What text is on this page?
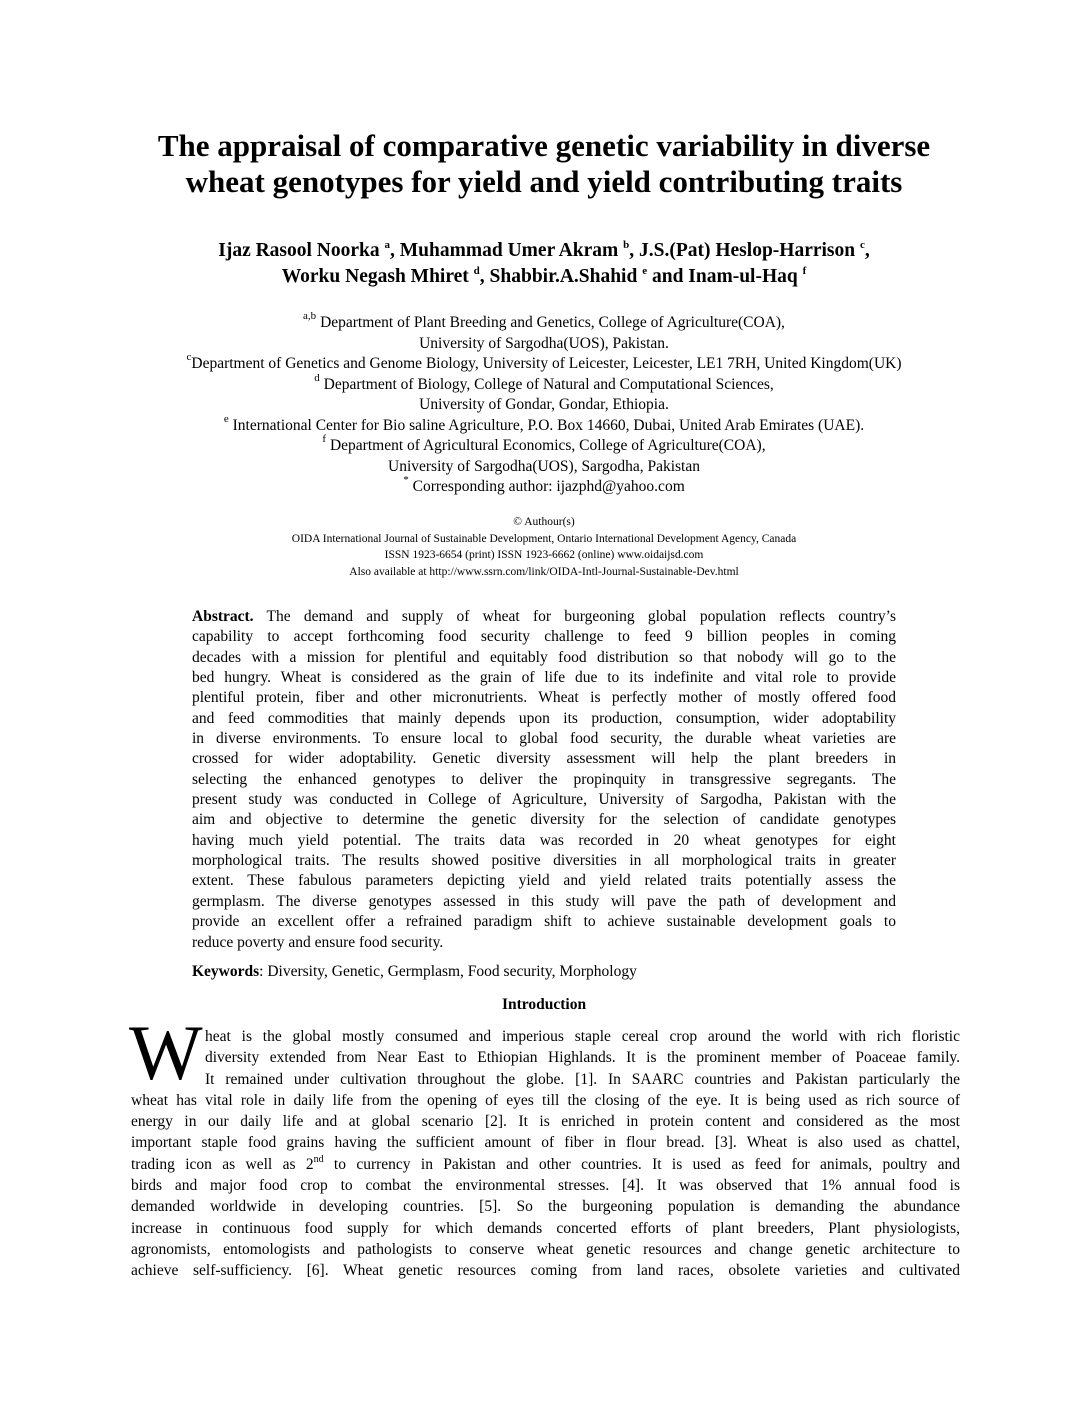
The appraisal of comparative genetic variability in diverse
wheat genotypes for yield and yield contributing traits
Ijaz Rasool Noorka $^a$, Muhammad Umer Akram $^b$, J.S.(Pat) Heslop-Harrison $^c$,
Worku Negash Mhiret $^d$, Shabbir.A.Shahid $^e$ and Inam-ul-Haq $^f$
$^{a,b}$ Department of Plant Breeding and Genetics, College of Agriculture(COA),
University of Sargodha(UOS), Pakistan.
$^c$Department of Genetics and Genome Biology, University of Leicester, Leicester, LE1 7RH, United Kingdom(UK)
$^d$ Department of Biology, College of Natural and Computational Sciences,
University of Gondar, Gondar, Ethiopia.
$^e$ International Center for Bio saline Agriculture, P.O. Box 14660, Dubai, United Arab Emirates (UAE).
$^f$ Department of Agricultural Economics, College of Agriculture(COA),
University of Sargodha(UOS), Sargodha, Pakistan
* Corresponding author: ijazphd@yahoo.com
© Authour(s)
OIDA International Journal of Sustainable Development, Ontario International Development Agency, Canada
ISSN 1923-6654 (print) ISSN 1923-6662 (online) www.oidaijsd.com
Also available at http://www.ssrn.com/link/OIDA-Intl-Journal-Sustainable-Dev.html
Abstract. The demand and supply of wheat for burgeoning global population reflects country’s
capability to accept forthcoming food security challenge to feed 9 billion peoples in coming
decades with a mission for plentiful and equitably food distribution so that nobody will go to the
bed hungry. Wheat is considered as the grain of life due to its indefinite and vital role to provide
plentiful protein, fiber and other micronutrients. Wheat is perfectly mother of mostly offered food
and feed commodities that mainly depends upon its production, consumption, wider adoptability
in diverse environments. To ensure local to global food security, the durable wheat varieties are
crossed for wider adoptability. Genetic diversity assessment will help the plant breeders in
selecting the enhanced genotypes to deliver the propinquity in transgressive segregants. The
present study was conducted in College of Agriculture, University of Sargodha, Pakistan with the
aim and objective to determine the genetic diversity for the selection of candidate genotypes
having much yield potential. The traits data was recorded in 20 wheat genotypes for eight
morphological traits. The results showed positive diversities in all morphological traits in greater
extent. These fabulous parameters depicting yield and yield related traits potentially assess the
germplasm. The diverse genotypes assessed in this study will pave the path of development and
provide an excellent offer a refrained paradigm shift to achieve sustainable development goals to
reduce poverty and ensure food security.
Keywords: Diversity, Genetic, Germplasm, Food security, Morphology
Introduction
W heat is the global mostly consumed and imperious staple cereal crop around the world with rich floristic
diversity extended from Near East to Ethiopian Highlands. It is the prominent member of Poaceae family.
It remained under cultivation throughout the globe. [1]. In SAARC countries and Pakistan particularly the
wheat has vital role in daily life from the opening of eyes till the closing of the eye. It is being used as rich source of
energy in our daily life and at global scenario [2]. It is enriched in protein content and considered as the most
important staple food grains having the sufficient amount of fiber in flour bread. [3]. Wheat is also used as chattel,
trading icon as well as 2nd to currency in Pakistan and other countries. It is used as feed for animals, poultry and
birds and major food crop to combat the environmental stresses. [4]. It was observed that 1% annual food is
demanded worldwide in developing countries. [5]. So the burgeoning population is demanding the abundance
increase in continuous food supply for which demands concerted efforts of plant breeders, Plant physiologists,
agronomists, entomologists and pathologists to conserve wheat genetic resources and change genetic architecture to
achieve self-sufficiency. [6]. Wheat genetic resources coming from land races, obsolete varieties and cultivated
